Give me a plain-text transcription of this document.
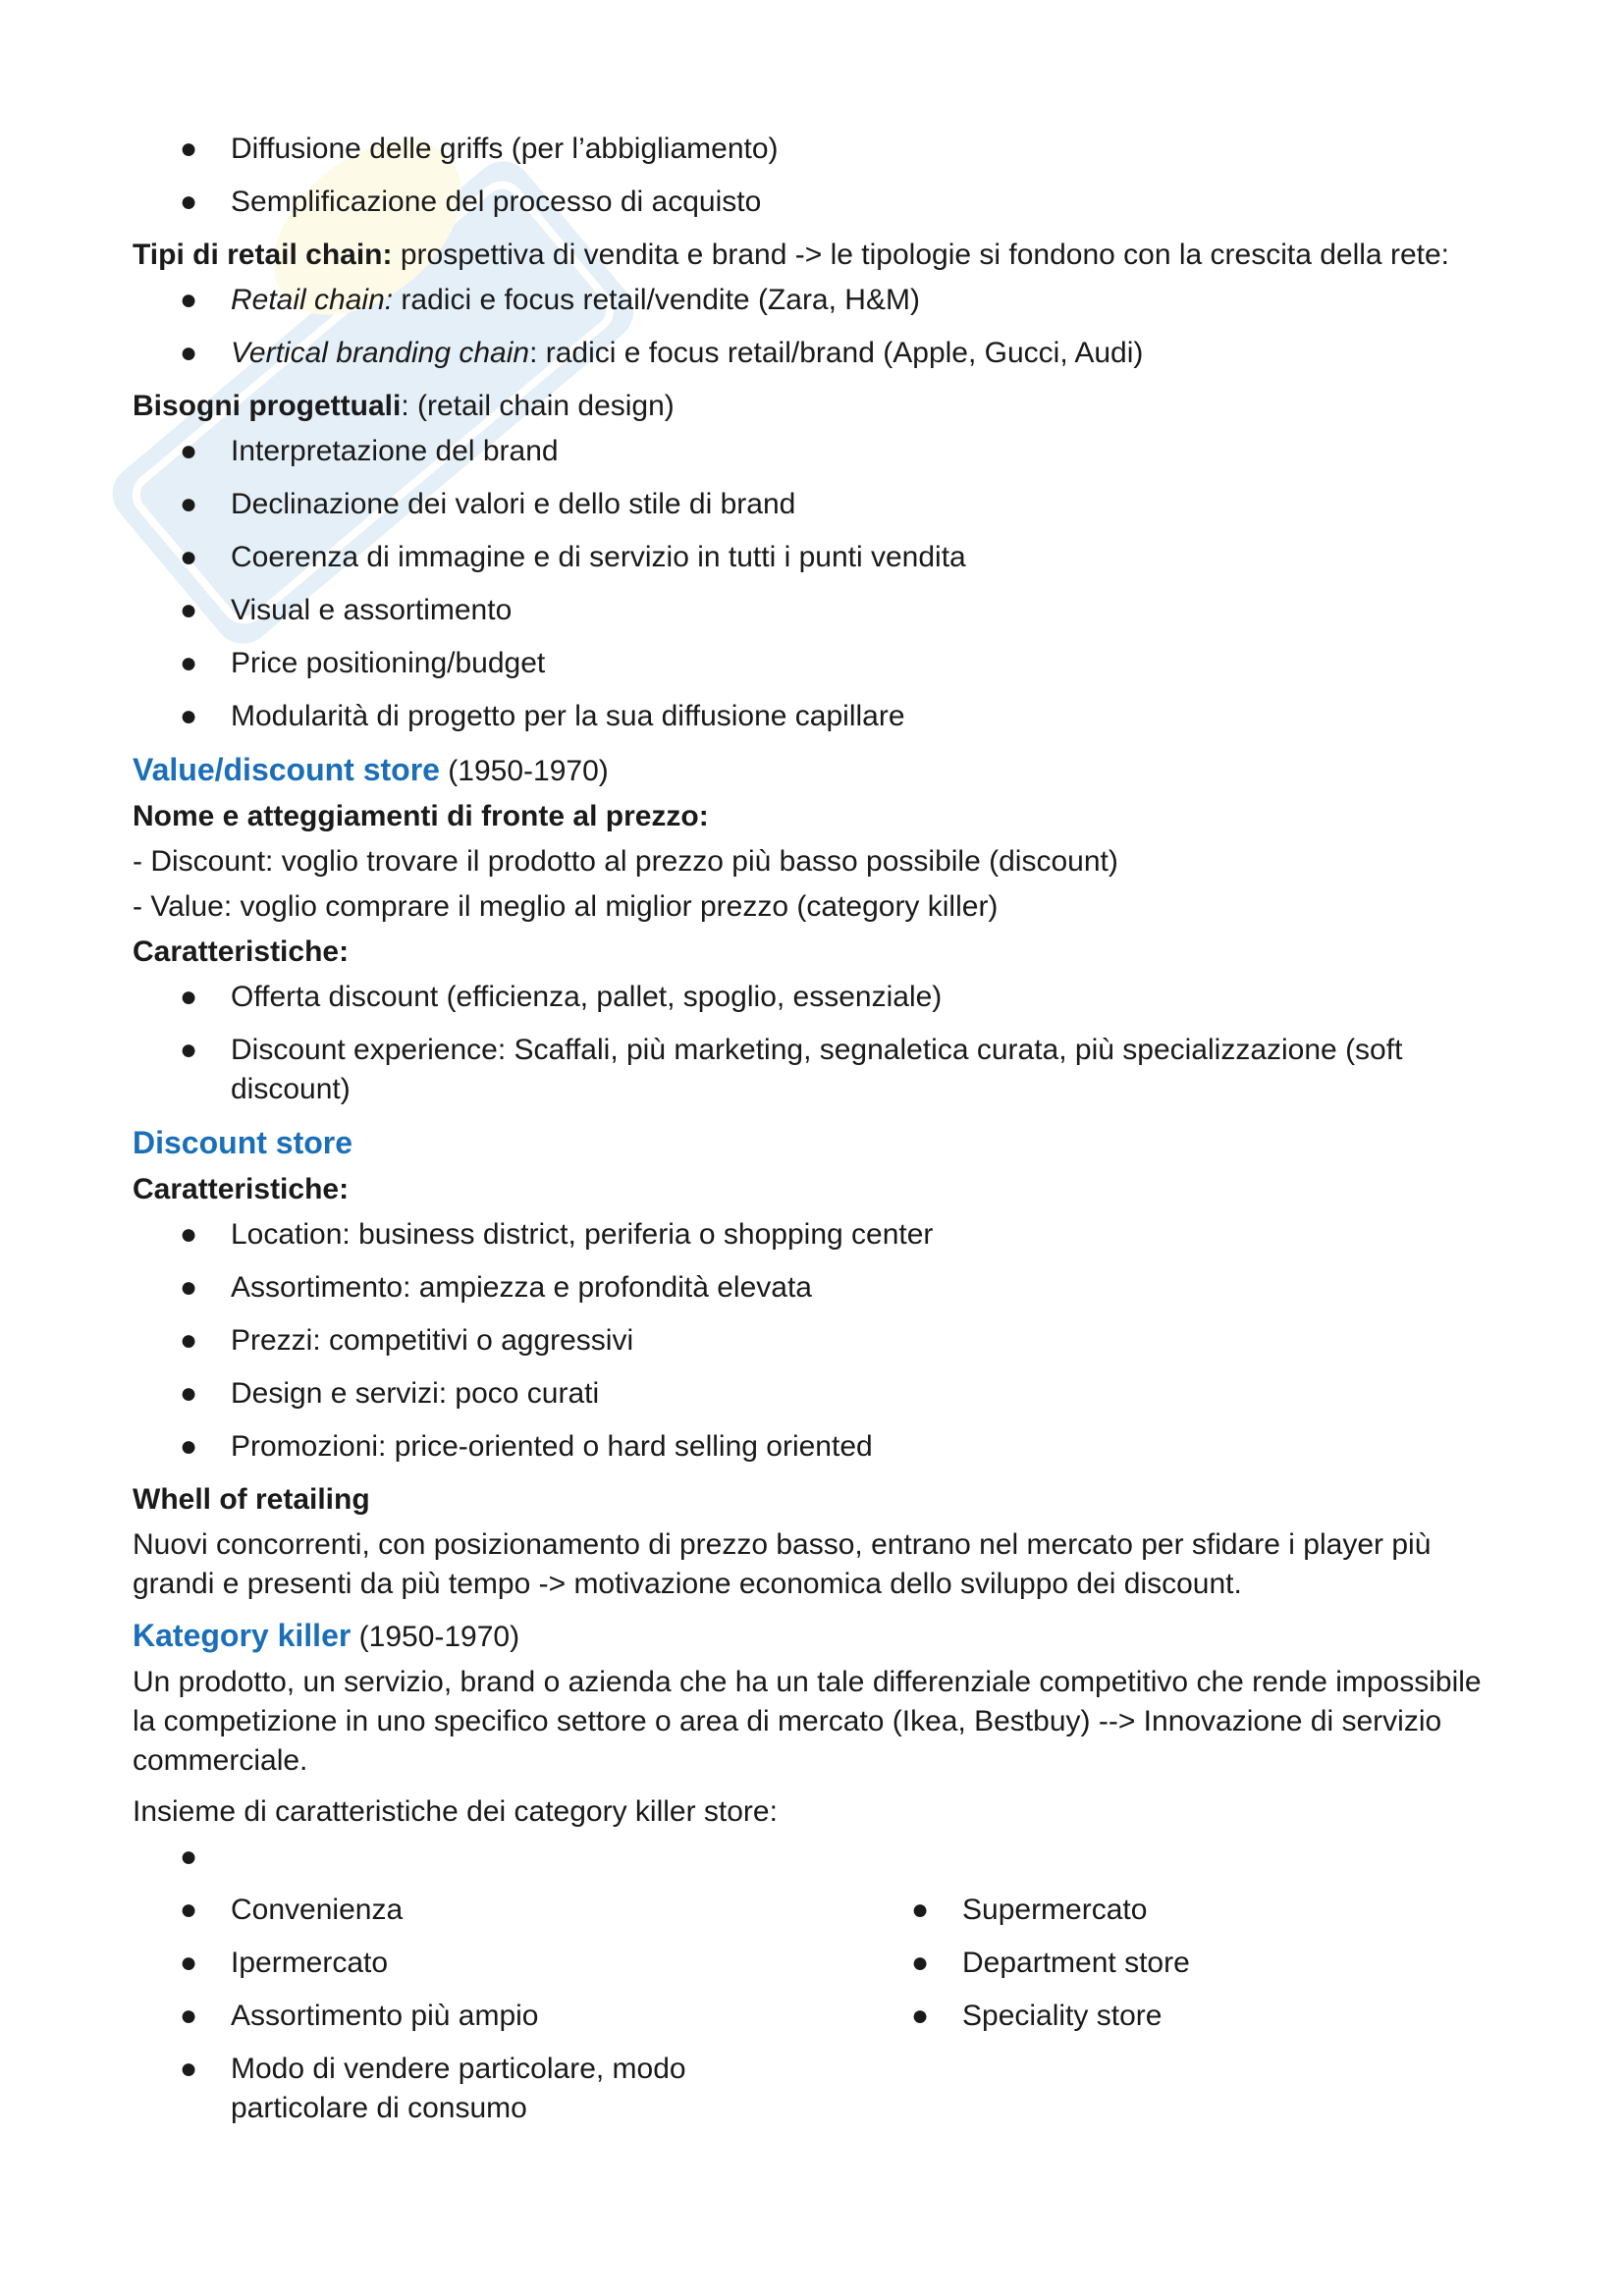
● Diffusione delle griffs (per l’abbigliamento)
● Semplificazione del processo di acquisto

Tipi di retail chain: prospettiva di vendita e brand -> le tipologie si fondono con la crescita della rete:

● Retail chain: radici e focus retail/vendite (Zara, H&M)
● Vertical branding chain: radici e focus retail/brand (Apple, Gucci, Audi)

Bisogni progettuali: (retail chain design)

● Interpretazione del brand
● Declinazione dei valori e dello stile di brand
● Coerenza di immagine e di servizio in tutti i punti vendita
● Visual e assortimento
● Price positioning/budget
● Modularità di progetto per la sua diffusione capillare

Value/discount store (1950-1970)

Nome e atteggiamenti di fronte al prezzo:

- Discount: voglio trovare il prodotto al prezzo più basso possibile (discount)

- Value: voglio comprare il meglio al miglior prezzo (category killer)

Caratteristiche:

● Offerta discount (efficienza, pallet, spoglio, essenziale)
● Discount experience: Scaffali, più marketing, segnaletica curata, più specializzazione (soft discount)

Discount store

Caratteristiche:

● Location: business district, periferia o shopping center
● Assortimento: ampiezza e profondità elevata
● Prezzi: competitivi o aggressivi
● Design e servizi: poco curati
● Promozioni: price-oriented o hard selling oriented

Whell of retailing

Nuovi concorrenti, con posizionamento di prezzo basso, entrano nel mercato per sfidare i player più grandi e presenti da più tempo -> motivazione economica dello sviluppo dei discount.

Kategory killer (1950-1970)

Un prodotto, un servizio, brand o azienda che ha un tale differenziale competitivo che rende impossibile la competizione in uno specifico settore o area di mercato (Ikea, Bestbuy) --> Innovazione di servizio commerciale.

Insieme di caratteristiche dei category killer store:

●

● Convenienza
● Ipermercato
● Assortimento più ampio
● Modo di vendere particolare, modo particolare di consumo
● Supermercato
● Department store
● Speciality store
